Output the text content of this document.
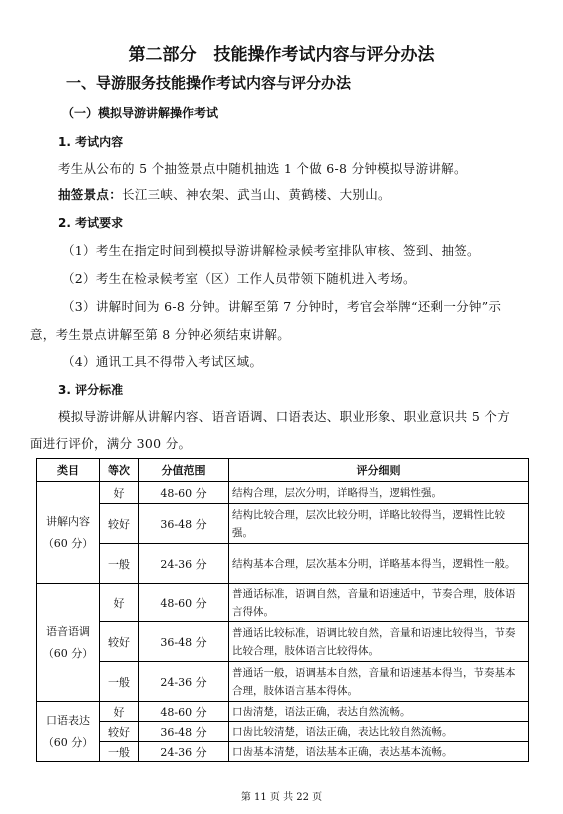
第二部分　技能操作考试内容与评分办法
一、导游服务技能操作考试内容与评分办法
（一）模拟导游讲解操作考试
1. 考试内容
考生从公布的 5 个抽签景点中随机抽选 1 个做 6-8 分钟模拟导游讲解。
抽签景点：长江三峡、神农架、武当山、黄鹤楼、大别山。
2. 考试要求
（1）考生在指定时间到模拟导游讲解检录候考室排队审核、签到、抽签。
（2）考生在检录候考室（区）工作人员带领下随机进入考场。
（3）讲解时间为 6-8 分钟。讲解至第 7 分钟时，考官会举牌“还剩一分钟”示
意，考生景点讲解至第 8 分钟必须结束讲解。
（4）通讯工具不得带入考试区域。
3. 评分标准
模拟导游讲解从讲解内容、语音语调、口语表达、职业形象、职业意识共 5 个方
面进行评价，满分 300 分。
类目	等次	分值范围	评分细则

讲解内容
（60 分）	好	48-60 分	结构合理，层次分明，详略得当，逻辑性强。
	较好	36-48 分	结构比较合理，层次比较分明，详略比较得当，逻辑性比较强。
	一般	24-36 分	结构基本合理，层次基本分明，详略基本得当，逻辑性一般。

语音语调
（60 分）	好	48-60 分	普通话标准，语调自然，音量和语速适中，节奏合理，肢体语言得体。
	较好	36-48 分	普通话比较标准，语调比较自然，音量和语速比较得当，节奏比较合理，肢体语言比较得体。
	一般	24-36 分	普通话一般，语调基本自然，音量和语速基本得当，节奏基本合理，肢体语言基本得体。

口语表达
（60 分）	好	48-60 分	口齿清楚，语法正确，表达自然流畅。
	较好	36-48 分	口齿比较清楚，语法正确，表达比较自然流畅。
	一般	24-36 分	口齿基本清楚，语法基本正确，表达基本流畅。
第 11 页 共 22 页
